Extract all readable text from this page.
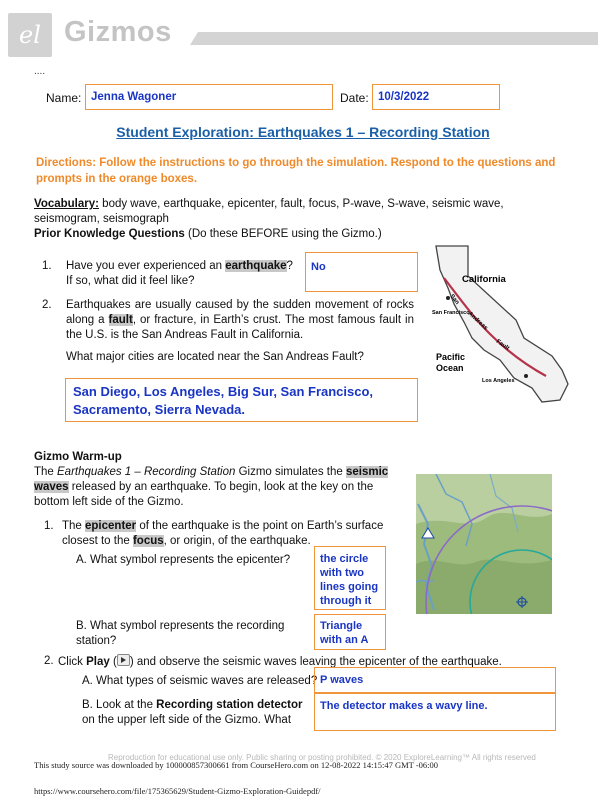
el Gizmos
....
Name: Jenna Wagoner	Date: 10/3/2022
Student Exploration: Earthquakes 1 – Recording Station
Directions: Follow the instructions to go through the simulation. Respond to the questions and prompts in the orange boxes.
Vocabulary: body wave, earthquake, epicenter, fault, focus, P-wave, S-wave, seismic wave, seismogram, seismograph
Prior Knowledge Questions (Do these BEFORE using the Gizmo.)
1. Have you ever experienced an earthquake? If so, what did it feel like?
No
2. Earthquakes are usually caused by the sudden movement of rocks along a fault, or fracture, in Earth’s crust. The most famous fault in the U.S. is the San Andreas Fault in California.
What major cities are located near the San Andreas Fault?
San Diego, Los Angeles, Big Sur, San Francisco, Sacramento, Sierra Nevada.
California
San Francisco
Pacific
Ocean
Los Angeles
San
Andreas
Fault
Gizmo Warm-up
The Earthquakes 1 – Recording Station Gizmo simulates the seismic waves released by an earthquake. To begin, look at the key on the bottom left side of the Gizmo.
1. The epicenter of the earthquake is the point on Earth’s surface closest to the focus, or origin, of the earthquake.
A. What symbol represents the epicenter?	the circle with two lines going through it
B. What symbol represents the recording station?
Triangle with an A
2. Click Play ( ) and observe the seismic waves leaving the epicenter of the earthquake.
A. What types of seismic waves are released? P waves
B. Look at the Recording station detector on the upper left side of the Gizmo. What
The detector makes a wavy line.
Reproduction for educational use only. Public sharing or posting prohibited. © 2020 ExploreLearning™ All rights reserved
This study source was downloaded by 100000857300661 from CourseHero.com on 12-08-2022 14:15:47 GMT -06:00
https://www.coursehero.com/file/175365629/Student-Gizmo-Exploration-Guidepdf/
